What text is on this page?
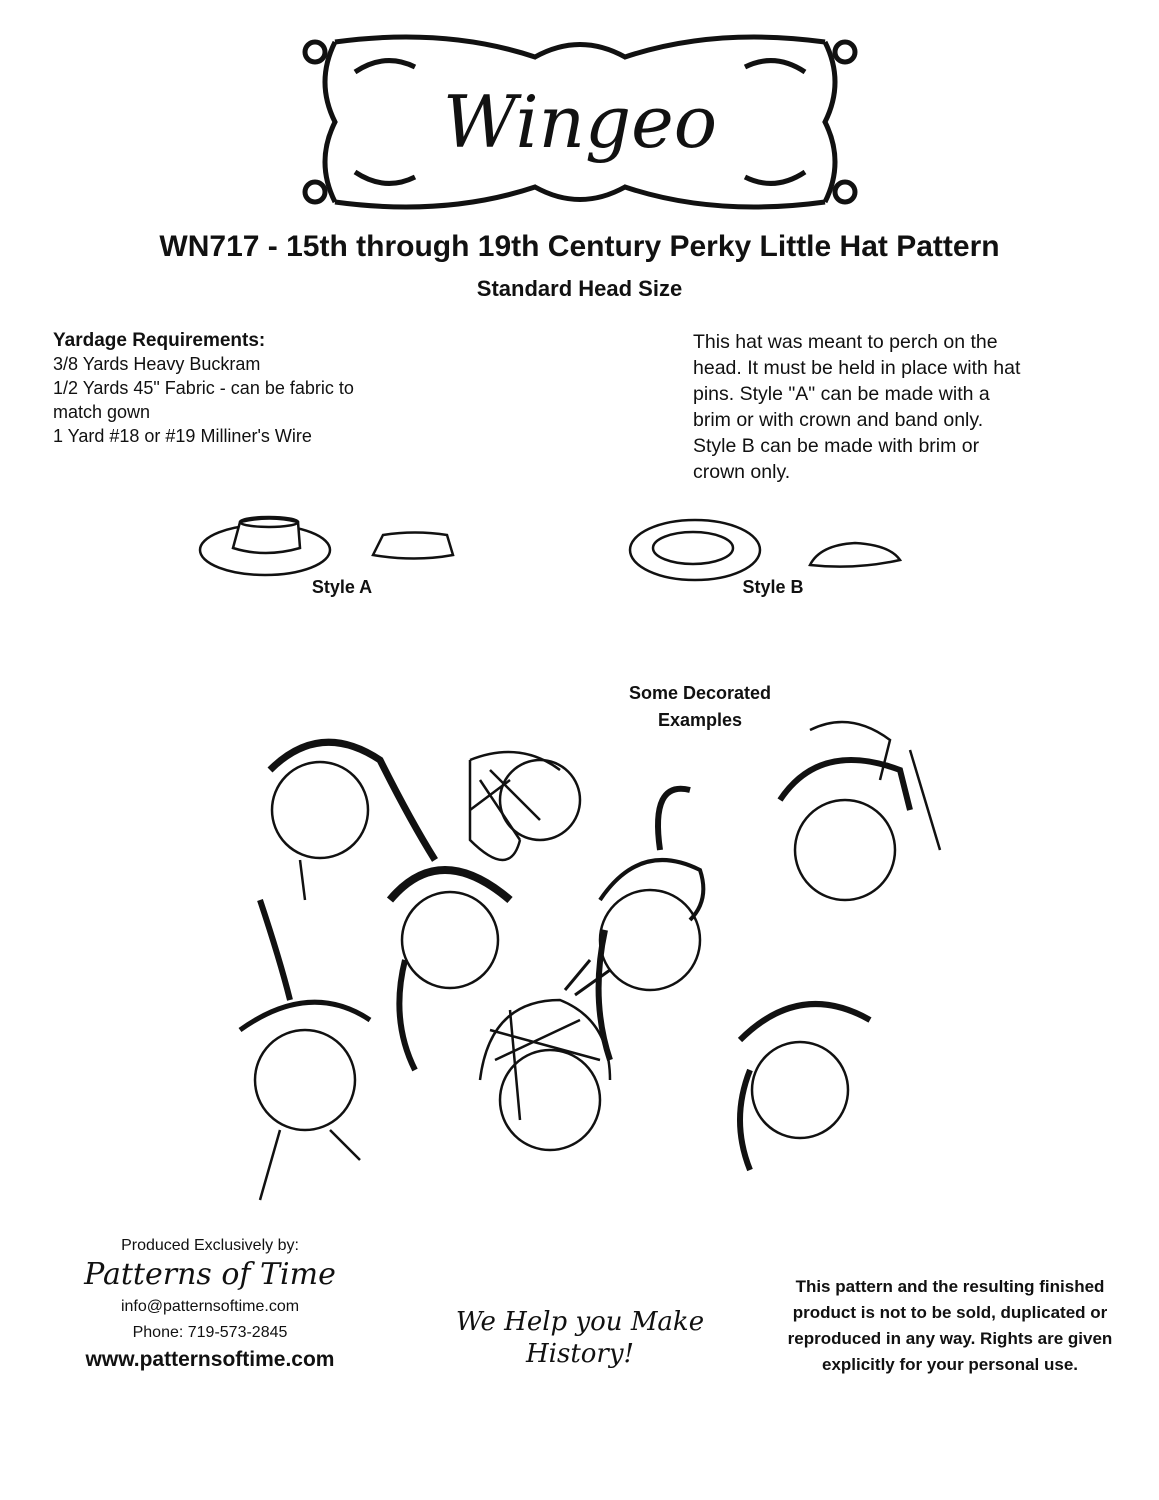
Wingeo
WN717 - 15th through 19th Century Perky Little Hat Pattern
Standard Head Size
Yardage Requirements:
3/8 Yards Heavy Buckram
1/2 Yards 45" Fabric - can be fabric to
match gown
1 Yard #18 or #19 Milliner's Wire
This hat was meant to perch on the
head. It must be held in place with hat
pins. Style "A" can be made with a
brim or with crown and band only.
Style B can be made with brim or
crown only.
Style A	Style B
Some Decorated
Examples
Produced Exclusively by:
Patterns of Time
info@patternsoftime.com
Phone: 719-573-2845
www.patternsoftime.com
We Help you Make
History!
This pattern and the resulting finished
product is not to be sold, duplicated or
reproduced in any way. Rights are given
explicitly for your personal use.
